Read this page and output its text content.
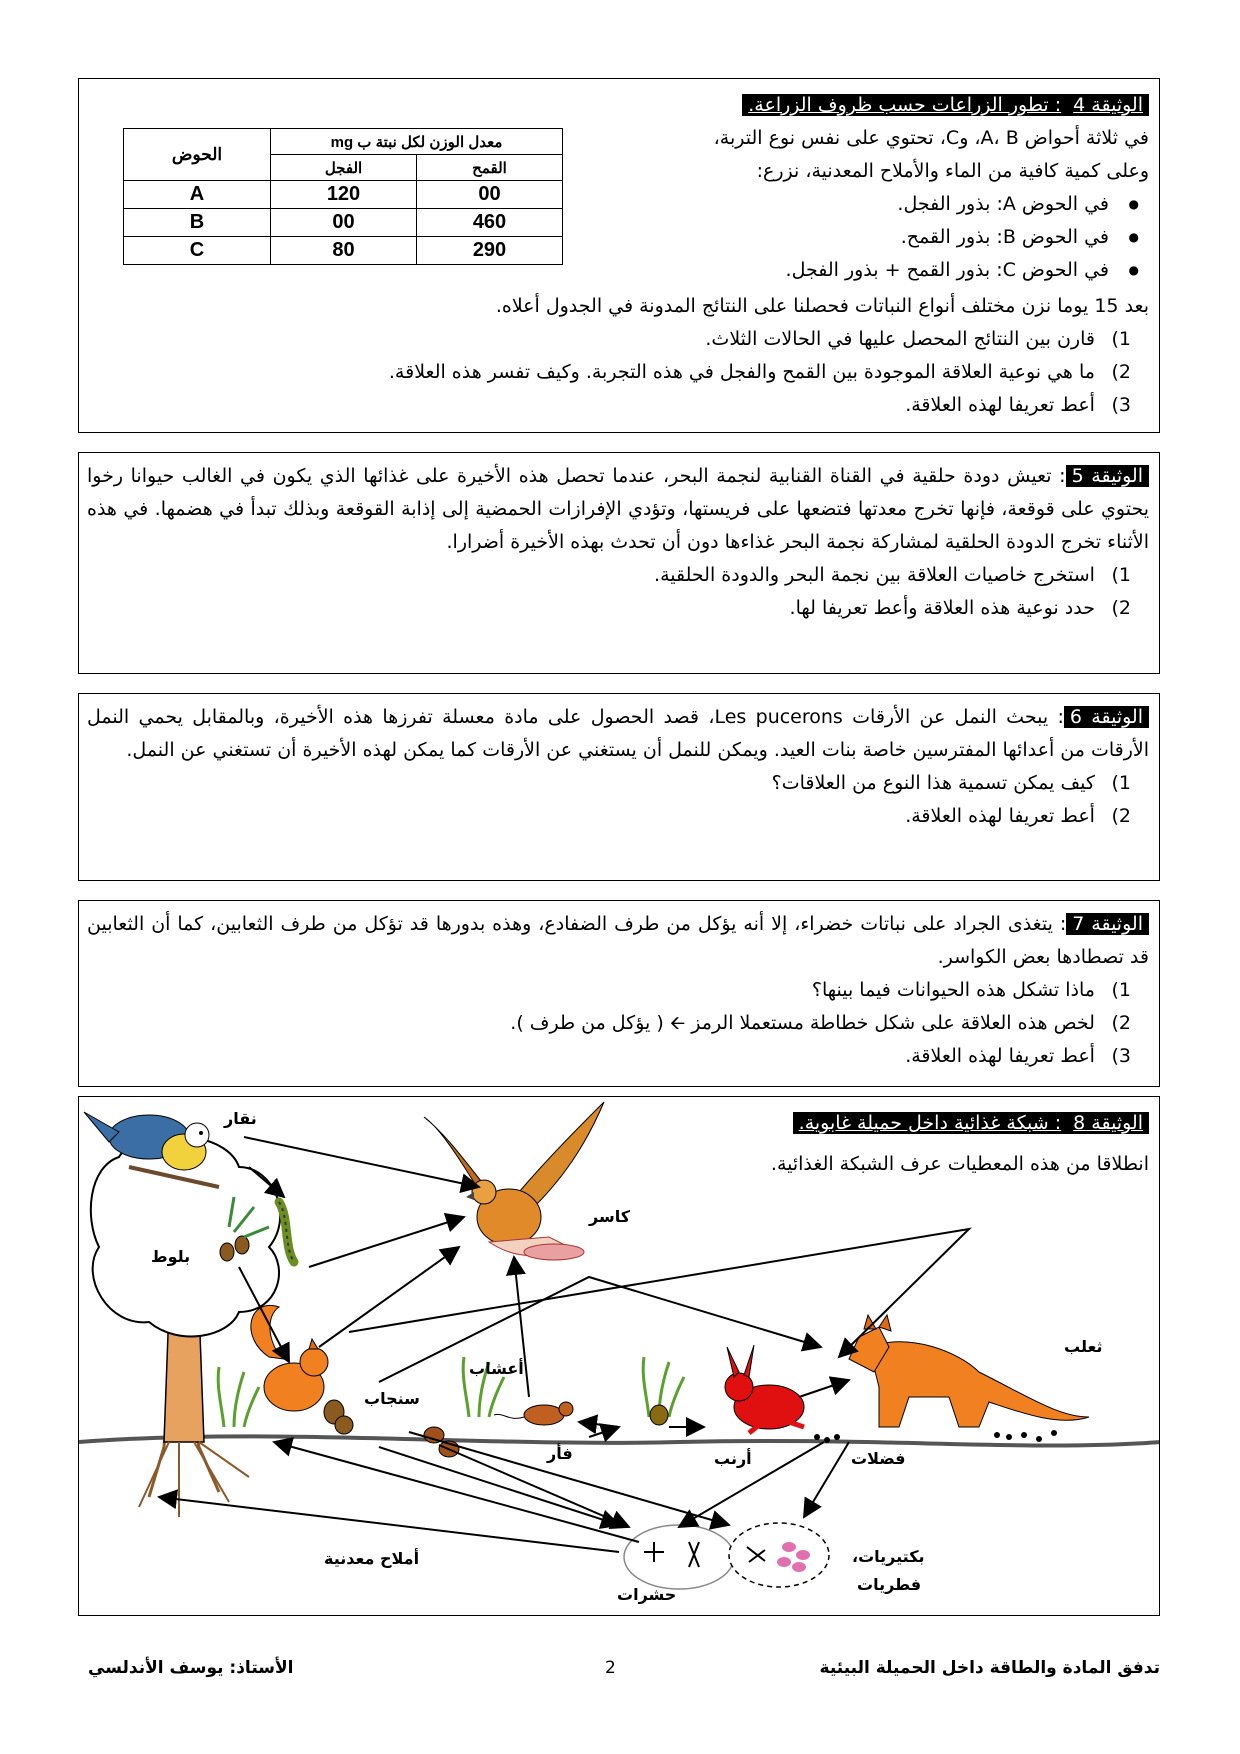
الوثيقة 4: تطور الزراعات حسب ظروف الزراعة.
في ثلاثة أحواض A، B، وC، تحتوي على نفس نوع التربة،
وعلى كمية كافية من الماء والأملاح المعدنية، نزرع:
● في الحوض A: بذور الفجل.
● في الحوض B: بذور القمح.
● في الحوض C: بذور القمح + بذور الفجل.
معدل الوزن لكل نبتة ب mg		الحوض
القمح	الفجل	
00	120	A
460	00	B
290	80	C
بعد 15 يوما نزن مختلف أنواع النباتات فحصلنا على النتائج المدونة في الجدول أعلاه.

1) قارن بين النتائج المحصل عليها في الحالات الثلاث.

2) ما هي نوعية العلاقة الموجودة بين القمح والفجل في هذه التجربة. وكيف تفسر هذه العلاقة.

3) أعط تعريفا لهذه العلاقة.

الوثيقة 5: تعيش دودة حلقية في القناة القنابية لنجمة البحر، عندما تحصل هذه الأخيرة على غذائها الذي يكون في الغالب حيوانا رخوا يحتوي على قوقعة، فإنها تخرج معدتها فتضعها على فريستها، وتؤدي الإفرازات الحمضية إلى إذابة القوقعة وبذلك تبدأ في هضمها. في هذه الأثناء تخرج الدودة الحلقية لمشاركة نجمة البحر غذاءها دون أن تحدث بهذه الأخيرة أضرارا.

1) استخرج خاصيات العلاقة بين نجمة البحر والدودة الحلقية.

2) حدد نوعية هذه العلاقة وأعط تعريفا لها.

الوثيقة 6: يبحث النمل عن الأرقات Les pucerons، قصد الحصول على مادة معسلة تفرزها هذه الأخيرة، وبالمقابل يحمي النمل الأرقات من أعدائها المفترسين خاصة بنات العيد. ويمكن للنمل أن يستغني عن الأرقات كما يمكن لهذه الأخيرة أن تستغني عن النمل.

1) كيف يمكن تسمية هذا النوع من العلاقات؟

2) أعط تعريفا لهذه العلاقة.

الوثيقة 7: يتغذى الجراد على نباتات خضراء، إلا أنه يؤكل من طرف الضفادع، وهذه بدورها قد تؤكل من طرف الثعابين، كما أن الثعابين قد تصطادها بعض الكواسر.

1) ماذا تشكل هذه الحيوانات فيما بينها؟

2) لخص هذه العلاقة على شكل خطاطة مستعملا الرمز 🡨 ( يؤكل من طرف ).

3) أعط تعريفا لهذه العلاقة.

الوثيقة 8: شبكة غذائية داخل حميلة غابوية.
انطلاقا من هذه المعطيات عرف الشبكة الغذائية.
نقار
كاسر
بلوط
ثعلب
أعشاب
سنجاب
فأر	أرنب	فضلات
أملاح معدنية	بكتيريات،
فطريات
حشرات
تدفق المادة والطاقة داخل الحميلة البيئية
2
الأستاذ: يوسف الأندلسي
